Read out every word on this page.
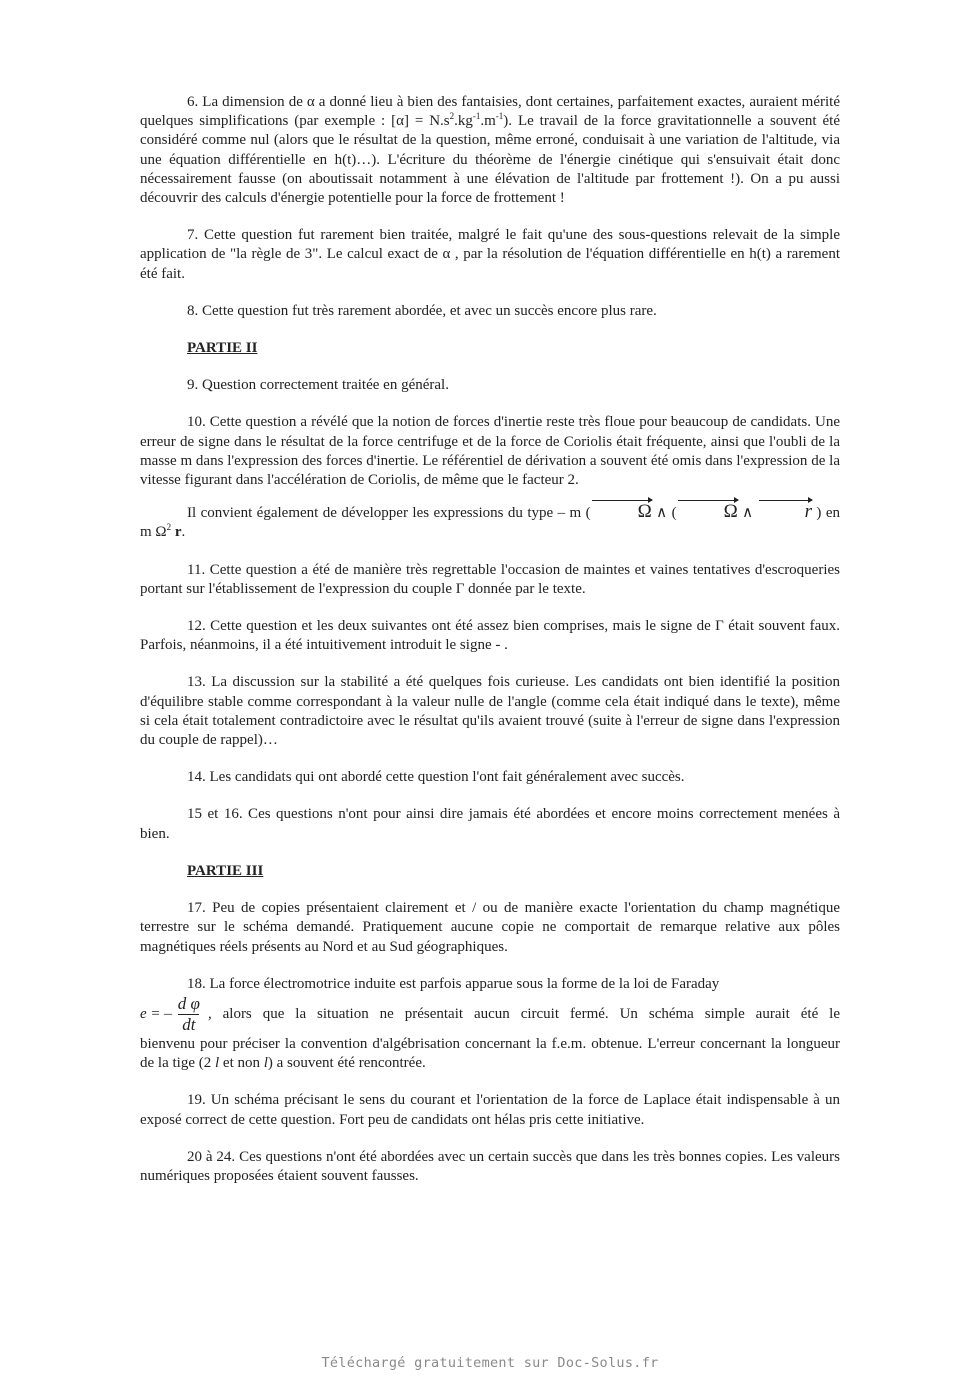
6. La dimension de α a donné lieu à bien des fantaisies, dont certaines, parfaitement exactes, auraient mérité quelques simplifications (par exemple : $[\alpha] = N.s^2.kg^{-1}.m^{-1}$). Le travail de la force gravitationnelle a souvent été considéré comme nul (alors que le résultat de la question, même erroné, conduisait à une variation de l'altitude, via une équation différentielle en h(t)…). L'écriture du théorème de l'énergie cinétique qui s'ensuivait était donc nécessairement fausse (on aboutissait notamment à une élévation de l'altitude par frottement !). On a pu aussi découvrir des calculs d'énergie potentielle pour la force de frottement !

7. Cette question fut rarement bien traitée, malgré le fait qu'une des sous-questions relevait de la simple application de "la règle de 3". Le calcul exact de α , par la résolution de l'équation différentielle en h(t) a rarement été fait.

8. Cette question fut très rarement abordée, et avec un succès encore plus rare.

PARTIE II

9. Question correctement traitée en général.

10. Cette question a révélé que la notion de forces d'inertie reste très floue pour beaucoup de candidats. Une erreur de signe dans le résultat de la force centrifuge et de la force de Coriolis était fréquente, ainsi que l'oubli de la masse m dans l'expression des forces d'inertie. Le référentiel de dérivation a souvent été omis dans l'expression de la vitesse figurant dans l'accélération de Coriolis, de même que le facteur 2.

Il convient également de développer les expressions du type – m ( Ω ∧ ( Ω ∧ r ) en m $\Omega^2$ r.

11. Cette question a été de manière très regrettable l'occasion de maintes et vaines tentatives d'escroqueries portant sur l'établissement de l'expression du couple Γ donnée par le texte.

12. Cette question et les deux suivantes ont été assez bien comprises, mais le signe de Γ était souvent faux. Parfois, néanmoins, il a été intuitivement introduit le signe - .

13. La discussion sur la stabilité a été quelques fois curieuse. Les candidats ont bien identifié la position d'équilibre stable comme correspondant à la valeur nulle de l'angle (comme cela était indiqué dans le texte), même si cela était totalement contradictoire avec le résultat qu'ils avaient trouvé (suite à l'erreur de signe dans l'expression du couple de rappel)…

14. Les candidats qui ont abordé cette question l'ont fait généralement avec succès.

15 et 16. Ces questions n'ont pour ainsi dire jamais été abordées et encore moins correctement menées à bien.

PARTIE III

17. Peu de copies présentaient clairement et / ou de manière exacte l'orientation du champ magnétique terrestre sur le schéma demandé. Pratiquement aucune copie ne comportait de remarque relative aux pôles magnétiques réels présents au Nord et au Sud géographiques.

18. La force électromotrice induite est parfois apparue sous la forme de la loi de Faraday

e = – $\frac{\text{d φ}}{dt}$ , alors que la situation ne présentait aucun circuit fermé. Un schéma simple aurait été le

bienvenu pour préciser la convention d'algébrisation concernant la f.e.m. obtenue. L'erreur concernant la longueur de la tige (2 l et non l) a souvent été rencontrée.

19. Un schéma précisant le sens du courant et l'orientation de la force de Laplace était indispensable à un exposé correct de cette question. Fort peu de candidats ont hélas pris cette initiative.

20 à 24. Ces questions n'ont été abordées avec un certain succès que dans les très bonnes copies. Les valeurs numériques proposées étaient souvent fausses.

Téléchargé gratuitement sur Doc-Solus.fr
